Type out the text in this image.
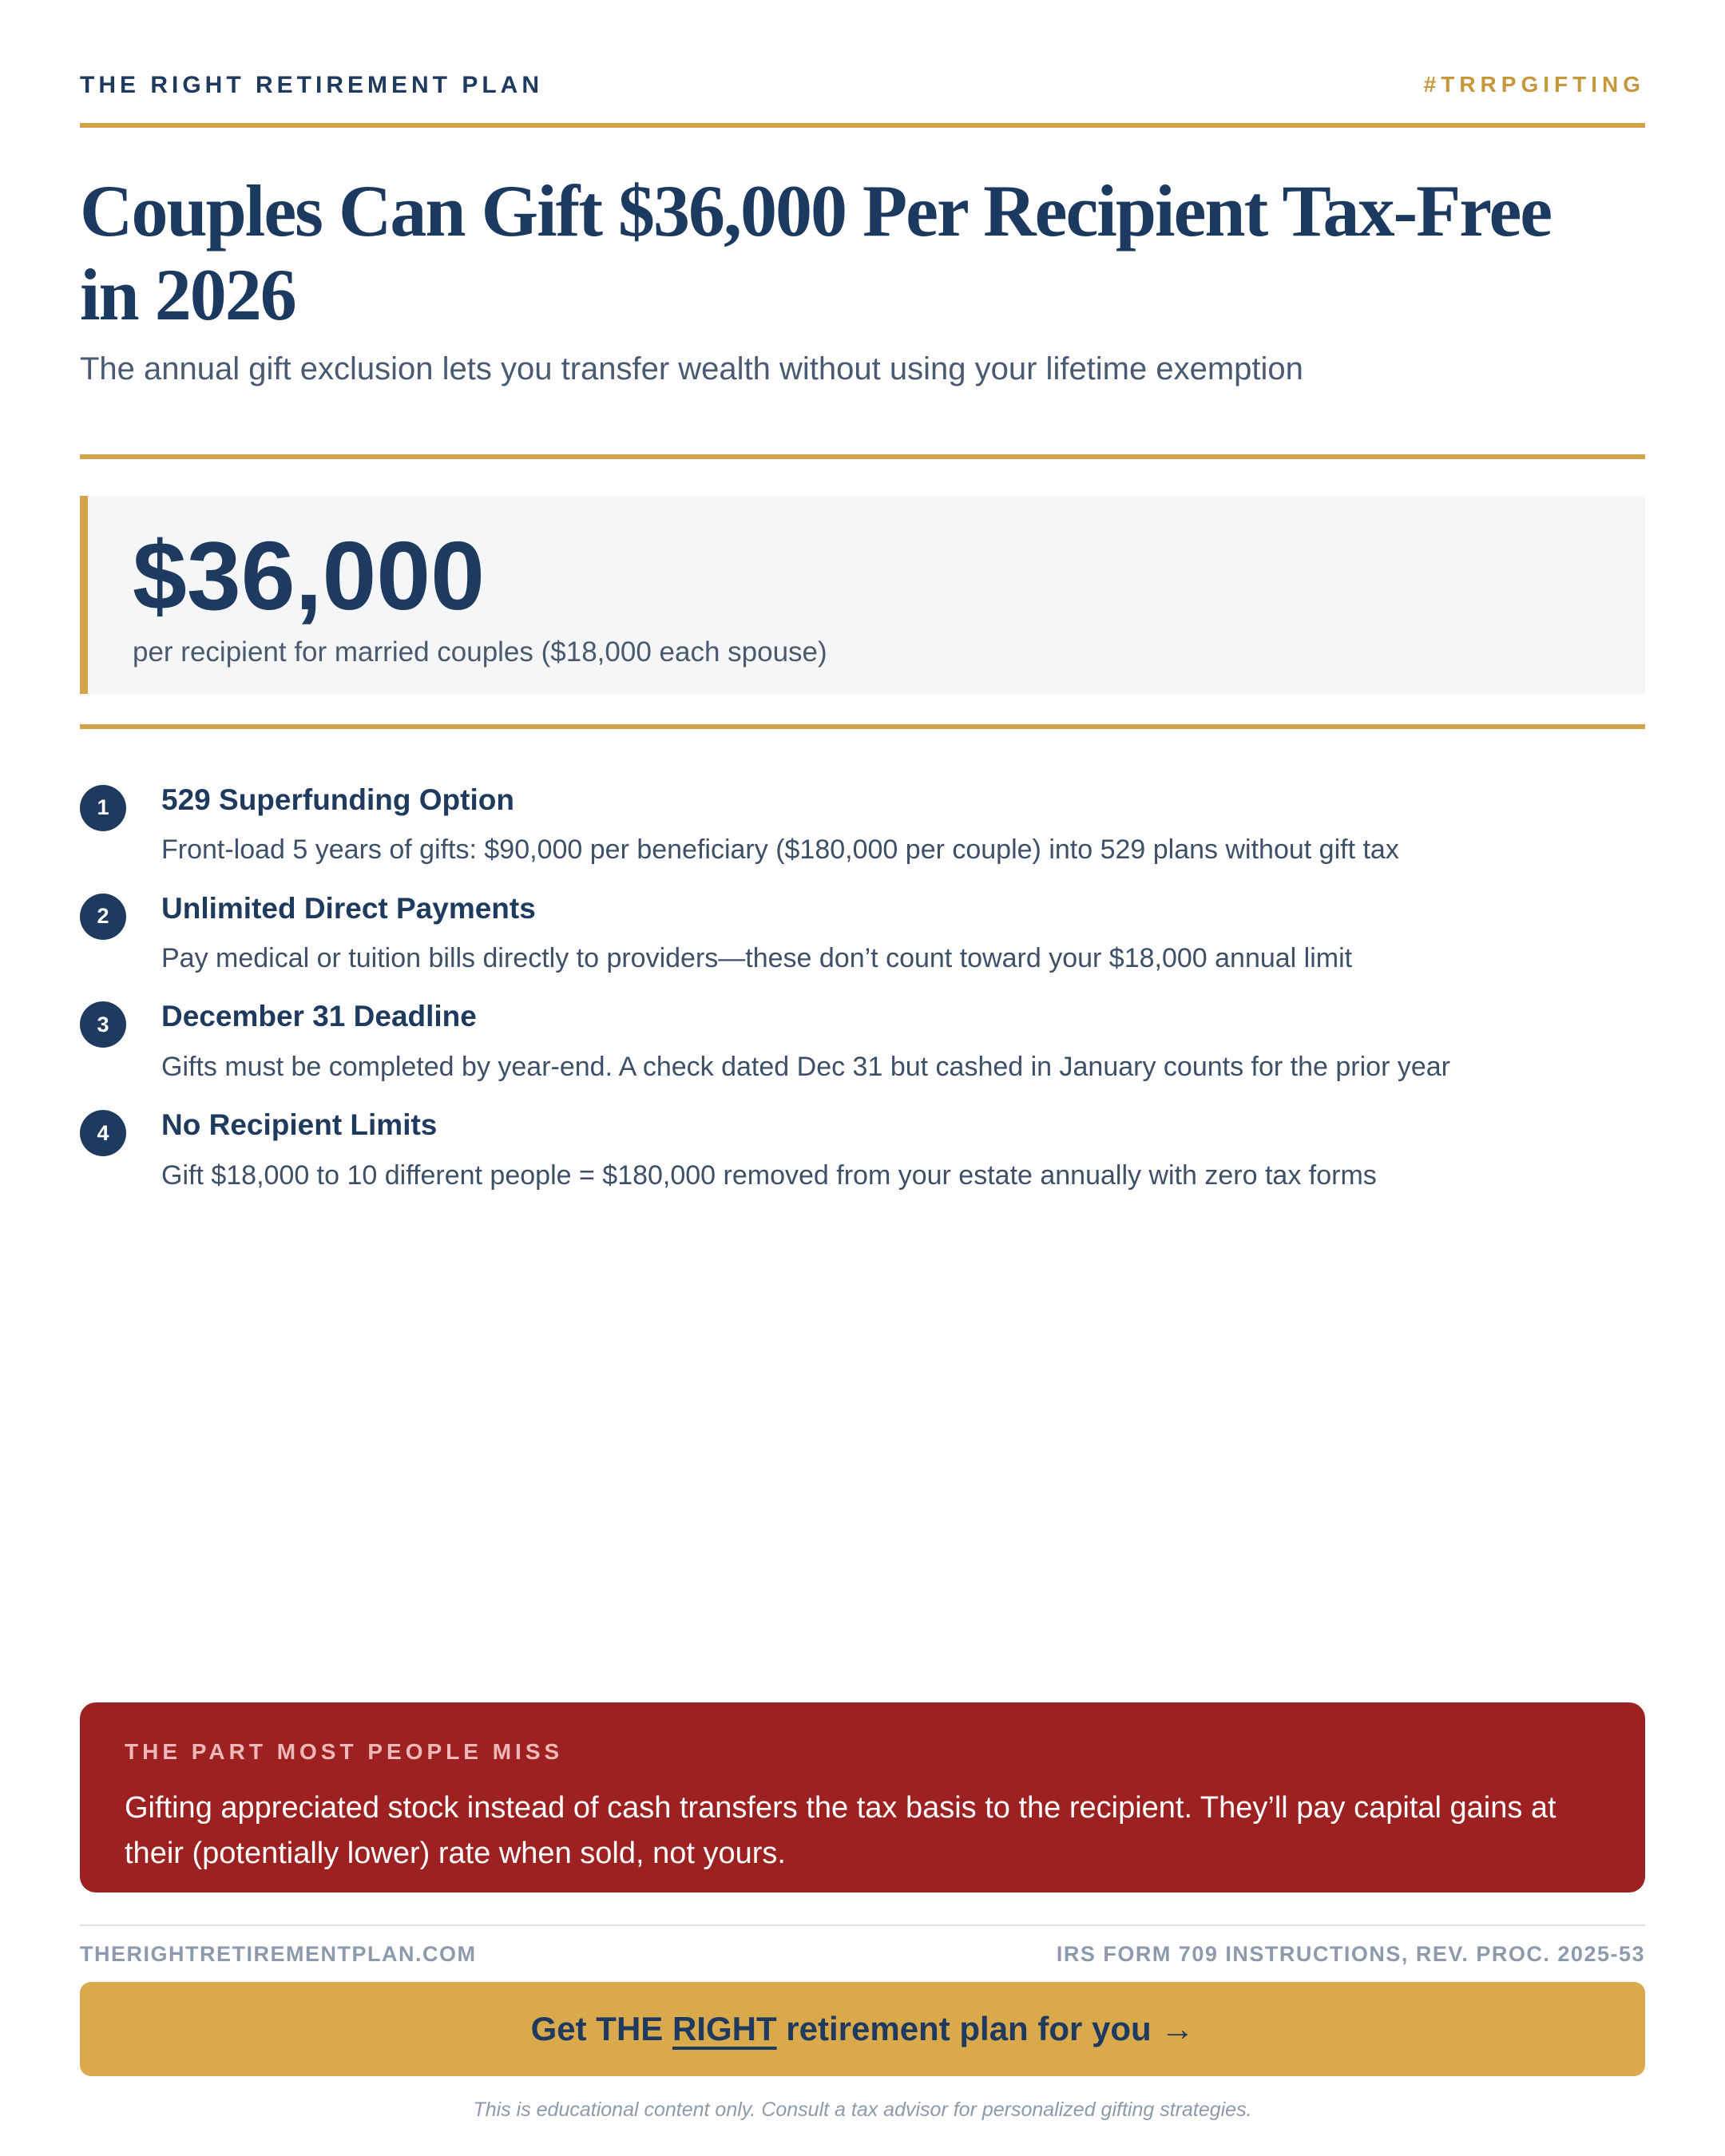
THE RIGHT RETIREMENT PLAN	#TRRPGIFTING
Couples Can Gift $36,000 Per Recipient Tax-Free
in 2026
The annual gift exclusion lets you transfer wealth without using your lifetime exemption
$36,000
per recipient for married couples ($18,000 each spouse)
1	529 Superfunding Option
Front-load 5 years of gifts: $90,000 per beneficiary ($180,000 per couple) into 529 plans without gift tax
2	Unlimited Direct Payments
Pay medical or tuition bills directly to providers—these don’t count toward your $18,000 annual limit
3	December 31 Deadline
Gifts must be completed by year-end. A check dated Dec 31 but cashed in January counts for the prior year
4	No Recipient Limits
Gift $18,000 to 10 different people = $180,000 removed from your estate annually with zero tax forms
THE PART MOST PEOPLE MISS
Gifting appreciated stock instead of cash transfers the tax basis to the recipient. They’ll pay capital gains at their (potentially lower) rate when sold, not yours.
THERIGHTRETIREMENTPLAN.COM	IRS FORM 709 INSTRUCTIONS, REV. PROC. 2025-53
Get THE RIGHT retirement plan for you →
This is educational content only. Consult a tax advisor for personalized gifting strategies.
